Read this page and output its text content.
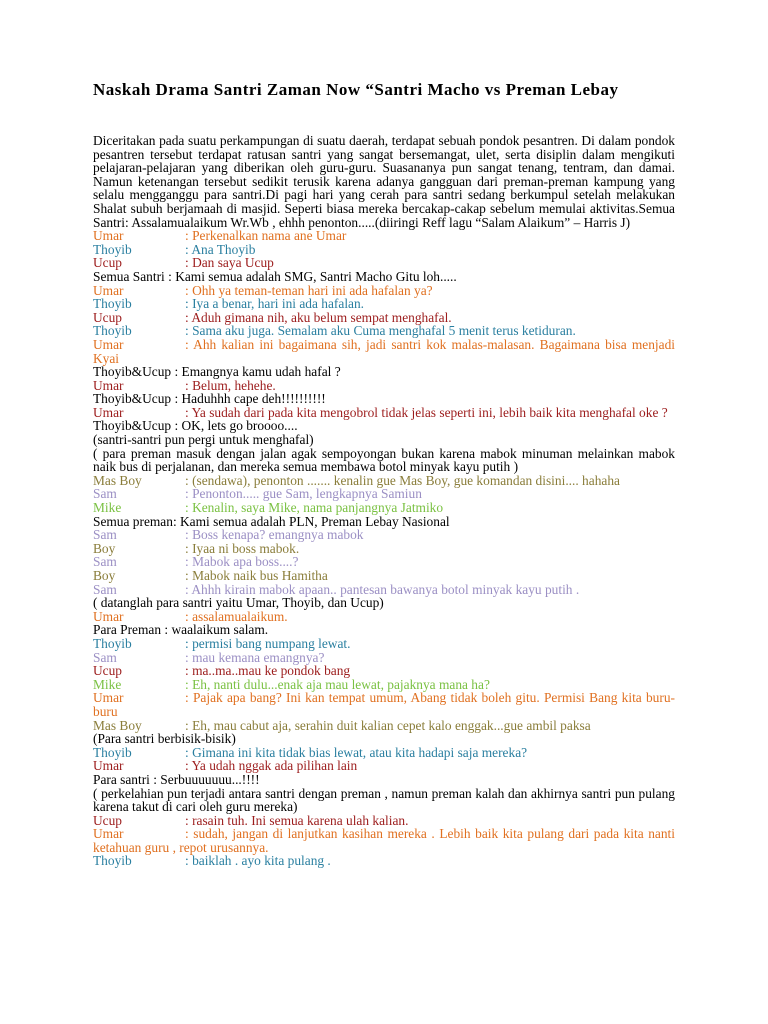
Naskah Drama Santri Zaman Now “Santri Macho vs Preman Lebay

Diceritakan pada suatu perkampungan di suatu daerah, terdapat sebuah pondok pesantren. Di dalam pondok pesantren tersebut terdapat ratusan santri yang sangat bersemangat, ulet, serta disiplin dalam mengikuti pelajaran-pelajaran yang diberikan oleh guru-guru. Suasananya pun sangat tenang, tentram, dan damai. Namun ketenangan tersebut sedikit terusik karena adanya gangguan dari preman-preman kampung yang selalu mengganggu para santri.Di pagi hari yang cerah para santri sedang berkumpul setelah melakukan Shalat subuh berjamaah di masjid. Seperti biasa mereka bercakap-cakap sebelum memulai aktivitas.Semua Santri: Assalamualaikum Wr.Wb , ehhh penonton.....(diiringi Reff lagu “Salam Alaikum” – Harris J)

Umar	: Perkenalkan nama ane Umar
Thoyib	: Ana Thoyib
Ucup	: Dan saya Ucup
Semua Santri : Kami semua adalah SMG, Santri Macho Gitu loh.....
Umar	: Ohh ya teman-teman hari ini ada hafalan ya?
Thoyib	: Iya a benar, hari ini ada hafalan.
Ucup	: Aduh gimana nih, aku belum sempat menghafal.
Thoyib	: Sama aku juga. Semalam aku Cuma menghafal 5 menit terus ketiduran.
Umar	: Ahh kalian ini bagaimana sih, jadi santri kok malas-malasan. Bagaimana bisa menjadi Kyai
Thoyib&Ucup : Emangnya kamu udah hafal ?
Umar	: Belum, hehehe.
Thoyib&Ucup : Haduhhh cape deh!!!!!!!!!!
Umar	: Ya sudah dari pada kita mengobrol tidak jelas seperti ini, lebih baik kita menghafal oke ?
Thoyib&Ucup : OK, lets go broooo....
(santri-santri pun pergi untuk menghafal)
( para preman masuk dengan jalan agak sempoyongan bukan karena mabok minuman melainkan mabok naik bus di perjalanan, dan mereka semua membawa botol minyak kayu putih )
Mas Boy	: (sendawa), penonton ....... kenalin gue Mas Boy, gue komandan disini.... hahaha
Sam	: Penonton..... gue Sam, lengkapnya Samiun
Mike	: Kenalin, saya Mike, nama panjangnya Jatmiko
Semua preman: Kami semua adalah PLN, Preman Lebay Nasional
Sam	: Boss kenapa? emangnya mabok
Boy	: Iyaa ni boss mabok.
Sam	: Mabok apa boss....?
Boy	: Mabok naik bus Hamitha
Sam	: Ahhh kirain mabok apaan.. pantesan bawanya botol minyak kayu putih .
( datanglah para santri yaitu Umar, Thoyib, dan Ucup)
Umar	: assalamualaikum.
Para Preman : waalaikum salam.
Thoyib	: permisi bang numpang lewat.
Sam	: mau kemana emangnya?
Ucup	: ma..ma..mau ke pondok bang
Mike	: Eh, nanti dulu...enak aja mau lewat, pajaknya mana ha?
Umar	: Pajak apa bang? Ini kan tempat umum, Abang tidak boleh gitu. Permisi Bang kita buru-buru
Mas Boy	: Eh, mau cabut aja, serahin duit kalian cepet kalo enggak...gue ambil paksa
(Para santri berbisik-bisik)
Thoyib	: Gimana ini kita tidak bias lewat, atau kita hadapi saja mereka?
Umar	: Ya udah nggak ada pilihan lain
Para santri : Serbuuuuuuu...!!!!
( perkelahian pun terjadi antara santri dengan preman , namun preman kalah dan akhirnya santri pun pulang karena takut di cari oleh guru mereka)
Ucup	: rasain tuh. Ini semua karena ulah kalian.
Umar	: sudah, jangan di lanjutkan kasihan mereka . Lebih baik kita pulang dari pada kita nanti ketahuan guru , repot urusannya.
Thoyib	: baiklah . ayo kita pulang .
